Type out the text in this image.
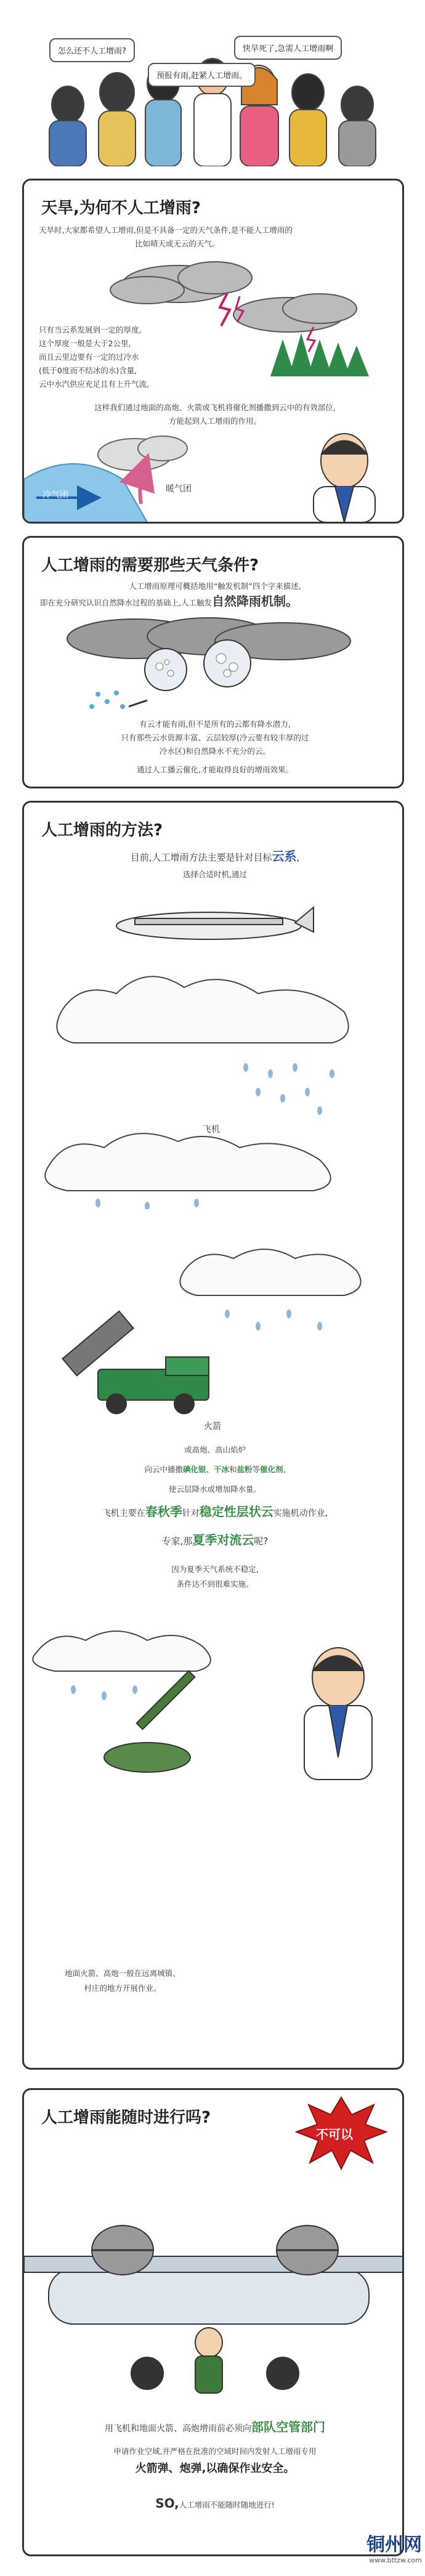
怎么还不人工增雨?	快旱死了,急需人工增雨啊
预报有雨,赶紧人工增雨。
天旱,为何不人工增雨?
天旱时,大家都希望人工增雨,但是不具备一定的天气条件,是不能人工增雨的
比如晴天或无云的天气。
只有当云系发展到一定的厚度,
这个厚度一般是大于2公里,
而且云里边要有一定的过冷水
(低于0度而不结冰的水)含量,
云中水汽供应充足且有上升气流,
这样我们通过地面的高炮、火箭或飞机将催化剂播撒到云中的有效部位,
方能起到人工增雨的作用。
暖气团
冷气团
人工增雨的需要那些天气条件?
人工增雨原理可概括地用“触发机制”四个字来描述,
即在充分研究认识自然降水过程的基础上,人工触发自然降雨机制。
有云才能有雨,但不是所有的云都有降水潜力,
只有那些云水资源丰富、云层较厚(冷云要有较丰厚的过
冷水区)和自然降水不充分的云。
通过人工播云催化,才能取得良好的增雨效果。
人工增雨的方法?
目前,人工增雨方法主要是针对目标云系,
选择合适时机,通过
飞机
火箭
或高炮、高山焰炉
向云中播撒碘化银、干冰和盐粉等催化剂,
使云层降水或增加降水量。
飞机主要在春秋季针对稳定性层状云实施机动作业,
专家,那夏季对流云呢?
因为夏季天气系统不稳定,
条件达不到很难实施。
地面火箭、高炮一般在远离城镇、
村庄的地方开展作业。
人工增雨能随时进行吗?
不可以
用飞机和地面火箭、高炮增雨前必须向部队空管部门
申请作业空域,并严格在批准的空域时间内发射人工增雨专用
火箭弹、炮弹,以确保作业安全。
SO,人工增雨不能随时随地进行!
铜州网
www.bttzw.com
